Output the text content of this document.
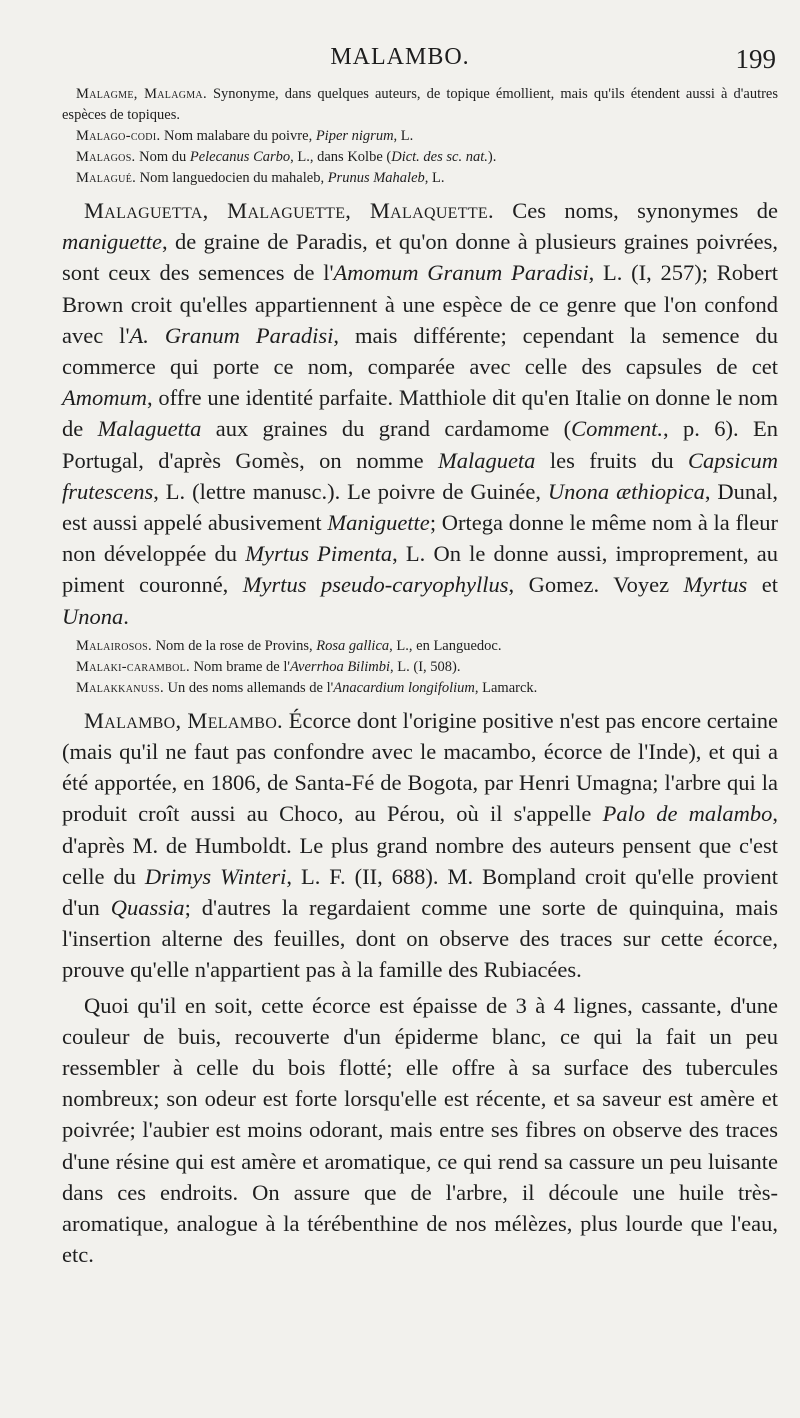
MALAMBO.	199

Malagme, Malagma. Synonyme, dans quelques auteurs, de topique émollient, mais qu'ils étendent aussi à d'autres espèces de topiques.

Malago-codi. Nom malabare du poivre, Piper nigrum, L.

Malagos. Nom du Pelecanus Carbo, L., dans Kolbe (Dict. des sc. nat.).

Malagué. Nom languedocien du mahaleb, Prunus Mahaleb, L.

Malaguetta, Malaguette, Malaquette. Ces noms, synonymes de maniguette, de graine de Paradis, et qu'on donne à plusieurs graines poivrées, sont ceux des semences de l'Amomum Granum Paradisi, L. (I, 257); Robert Brown croit qu'elles appartiennent à une espèce de ce genre que l'on confond avec l'A. Granum Paradisi, mais différente; cependant la semence du commerce qui porte ce nom, comparée avec celle des capsules de cet Amomum, offre une identité parfaite. Matthiole dit qu'en Italie on donne le nom de Malaguetta aux graines du grand cardamome (Comment., p. 6). En Portugal, d'après Gomès, on nomme Malagueta les fruits du Capsicum frutescens, L. (lettre manusc.). Le poivre de Guinée, Unona æthiopica, Dunal, est aussi appelé abusivement Maniguette; Ortega donne le même nom à la fleur non développée du Myrtus Pimenta, L. On le donne aussi, improprement, au piment couronné, Myrtus pseudo-caryophyllus, Gomez. Voyez Myrtus et Unona.

Malairosos. Nom de la rose de Provins, Rosa gallica, L., en Languedoc.

Malaki-carambol. Nom brame de l'Averrhoa Bilimbi, L. (I, 508).

Malakkanuss. Un des noms allemands de l'Anacardium longifolium, Lamarck.

Malambo, Melambo. Écorce dont l'origine positive n'est pas encore certaine (mais qu'il ne faut pas confondre avec le macambo, écorce de l'Inde), et qui a été apportée, en 1806, de Santa-Fé de Bogota, par Henri Umagna; l'arbre qui la produit croît aussi au Choco, au Pérou, où il s'appelle Palo de malambo, d'après M. de Humboldt. Le plus grand nombre des auteurs pensent que c'est celle du Drimys Winteri, L. F. (II, 688). M. Bompland croit qu'elle provient d'un Quassia; d'autres la regardaient comme une sorte de quinquina, mais l'insertion alterne des feuilles, dont on observe des traces sur cette écorce, prouve qu'elle n'appartient pas à la famille des Rubiacées.

Quoi qu'il en soit, cette écorce est épaisse de 3 à 4 lignes, cassante, d'une couleur de buis, recouverte d'un épiderme blanc, ce qui la fait un peu ressembler à celle du bois flotté; elle offre à sa surface des tubercules nombreux; son odeur est forte lorsqu'elle est récente, et sa saveur est amère et poivrée; l'aubier est moins odorant, mais entre ses fibres on observe des traces d'une résine qui est amère et aromatique, ce qui rend sa cassure un peu luisante dans ces endroits. On assure que de l'arbre, il découle une huile très-aromatique, analogue à la térébenthine de nos mélèzes, plus lourde que l'eau, etc.
